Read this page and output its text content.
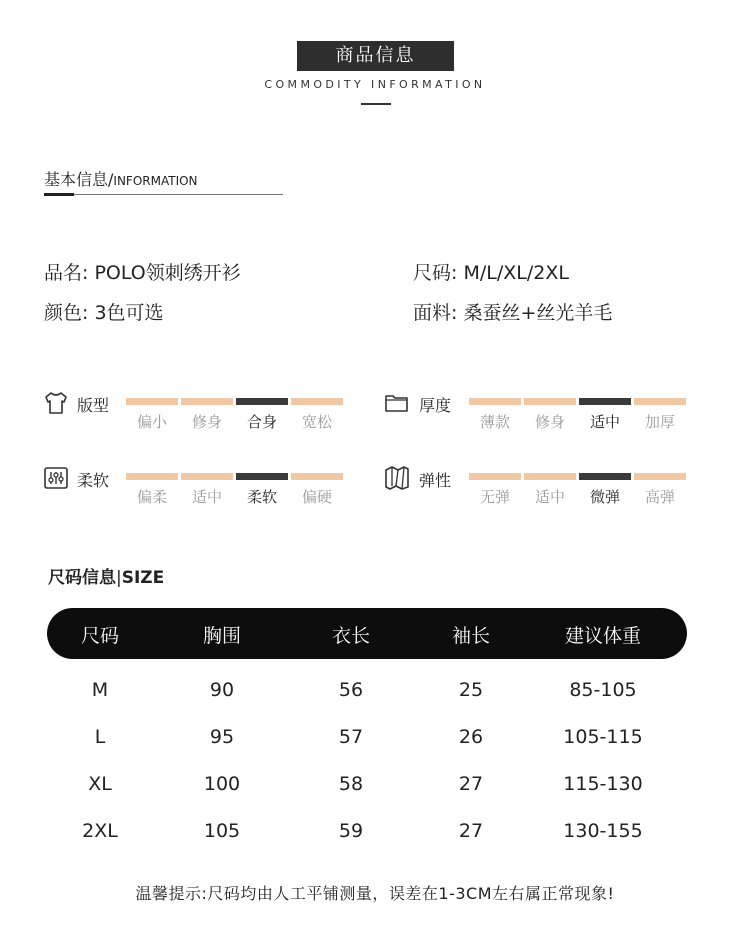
商品信息
COMMODITY INFORMATION
基本信息/INFORMATION
品名: POLO领刺绣开衫	尺码: M/L/XL/2XL
颜色: 3色可选	面料: 桑蚕丝+丝光羊毛
版型
偏小	修身	合身	宽松
厚度
薄款	修身	适中	加厚
柔软
偏柔	适中	柔软	偏硬
弹性
无弹	适中	微弹	高弹
尺码信息|SIZE
尺码	胸围	衣长	袖长	建议体重
M	90	56	25	85-105
L	95	57	26	105-115
XL	100	58	27	115-130
2XL	105	59	27	130-155
温馨提示:尺码均由人工平铺测量，误差在1-3CM左右属正常现象!
